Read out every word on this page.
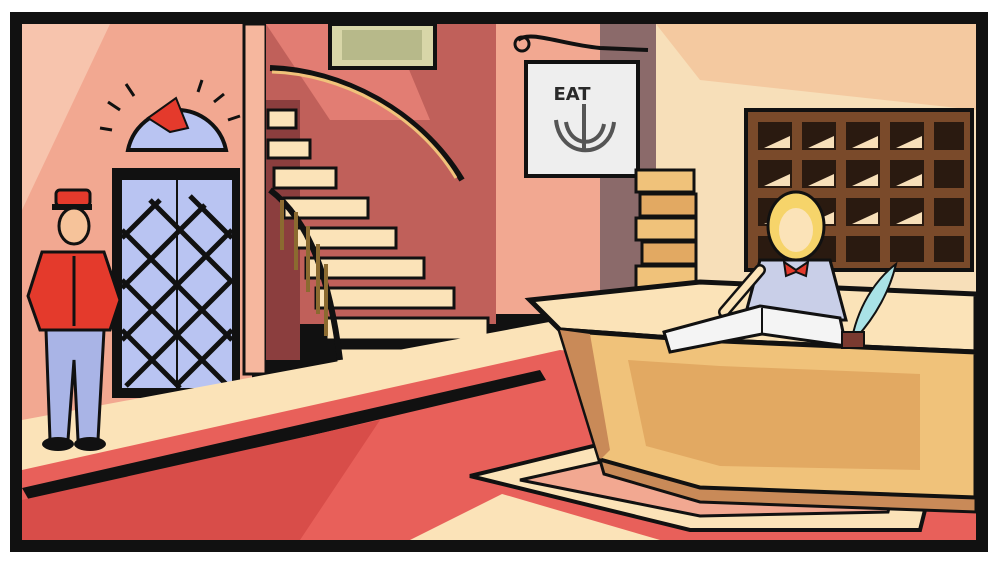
EAT
